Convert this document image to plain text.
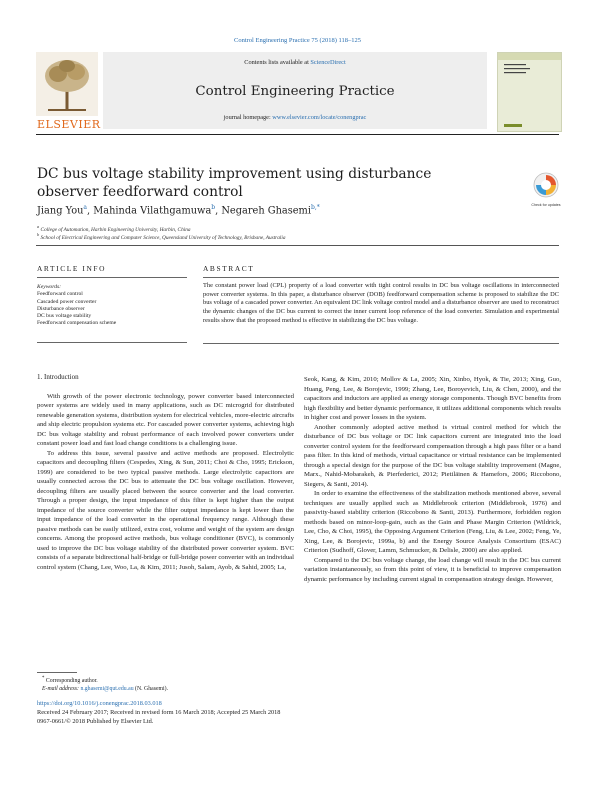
Control Engineering Practice 75 (2018) 118–125
Contents lists available at ScienceDirect
Control Engineering Practice
journal homepage: www.elsevier.com/locate/conengprac
ELSEVIER
DC bus voltage stability improvement using disturbance observer feedforward control
Jiang You$^a$, Mahinda Vilathgamuwa$^b$, Negareh Ghasemi$^{b,*}$
$^a$ College of Automation, Harbin Engineering University, Harbin, China
$^b$ School of Electrical Engineering and Computer Science, Queensland University of Technology, Brisbane, Australia
Check for updates
ARTICLE INFO	ABSTRACT
Keywords:
Feedforward control
Cascaded power converter
Disturbance observer
DC bus voltage stability
Feedforward compensation scheme
The constant power load (CPL) property of a load converter with tight control results in DC bus voltage oscillations in interconnected power converter systems. In this paper, a disturbance observer (DOB) feedforward compensation scheme is proposed to stabilize the DC bus voltage of a cascaded power converter. An equivalent DC link voltage control model and a disturbance observer are used to reconstruct the dynamic changes of the DC bus current to correct the inner current loop reference of the load converter. Simulation and experimental results show that the proposed method is effective in stabilizing the DC bus voltage.
1. Introduction

With growth of the power electronic technology, power converter based interconnected power systems are widely used in many applications, such as DC microgrid for distributed renewable generation systems, distribution system for electrical vehicles, more-electric aircrafts and ship electric propulsion systems etc. For cascaded power converter systems, achieving high DC bus voltage stability and robust performance of each involved power converters under constant power load and fast load change conditions is a challenging issue.

To address this issue, several passive and active methods are proposed. Electrolytic capacitors and decoupling filters (Cespedes, Xing, & Sun, 2011; Choi & Cho, 1995; Erickson, 1999) are considered to be two typical passive methods. Large electrolytic capacitors are usually connected across the DC bus to attenuate the DC bus voltage oscillation. However, decoupling filters are usually placed between the source converter and the load converter. Through a proper design, the input impedance of this filter is kept higher than the output impedance of the source converter while the filter output impedance is kept lower than the input impedance of the load converter in the operational frequency range. Although these passive methods can be easily utilized, extra cost, volume and weight of the system are design concerns. Among the proposed active methods, bus voltage conditioner (BVC), is commonly used to improve the DC bus voltage stability of the distributed power converter system. BVC consists of a separate bidirectional half-bridge or full-bridge power converter with an individual control system (Chang, Lee, Woo, La, & Kim, 2011; Jusoh, Salam, Ayob, & Sahid, 2005; La,

Seok, Kang, & Kim, 2010; Mollov & La, 2005; Xin, Xinbo, Hyok, & Tie, 2013; Xing, Guo, Huang, Peng, Lee, & Borojevic, 1999; Zhang, Lee, Boroyevich, Liu, & Chen, 2000), and the capacitors and inductors are applied as energy storage components. Though BVC benefits from high flexibility and better dynamic performance, it utilizes additional components which results in higher cost and power losses in the system.

Another commonly adopted active method is virtual control method for which the disturbance of DC bus voltage or DC link capacitors current are integrated into the load converter control system for the feedforward compensation through a high pass filter or a band pass filter. In this kind of methods, virtual capacitance or virtual resistance can be implemented through a special design for the purpose of the DC bus voltage stability improvement (Magne, Marx., Nahid-Mobarakeh, & Pierfederici, 2012; Pietiläinen & Hamefors, 2006; Riccobono, Siegers, & Santi, 2014).

In order to examine the effectiveness of the stabilization methods mentioned above, several techniques are usually applied such as Middlebrook criterion (Middlebrook, 1976) and passivity-based stability criterion (Riccobono & Santi, 2013). Furthermore, forbidden region methods based on minor-loop-gain, such as the Gain and Phase Margin Criterion (Wildrick, Lee, Cho, & Choi, 1995), the Opposing Argument Criterion (Feng, Liu, & Lee, 2002; Feng, Ye, Xing, Lee, & Borojevic, 1999a, b) and the Energy Source Analysis Consortium (ESAC) Criterion (Sudhoff, Glover, Lamm, Schmucker, & Delisle, 2000) are also applied.

Compared to the DC bus voltage change, the load change will result in the DC bus current variation instantaneously, so from this point of view, it is beneficial to improve compensation dynamic performance by including current signal in compensation strategy design. However,

* Corresponding author.
E-mail address: n.ghasemi@qut.edu.au (N. Ghasemi).
https://doi.org/10.1016/j.conengprac.2018.03.018
Received 24 February 2017; Received in revised form 16 March 2018; Accepted 25 March 2018
0967-0661/© 2018 Published by Elsevier Ltd.
